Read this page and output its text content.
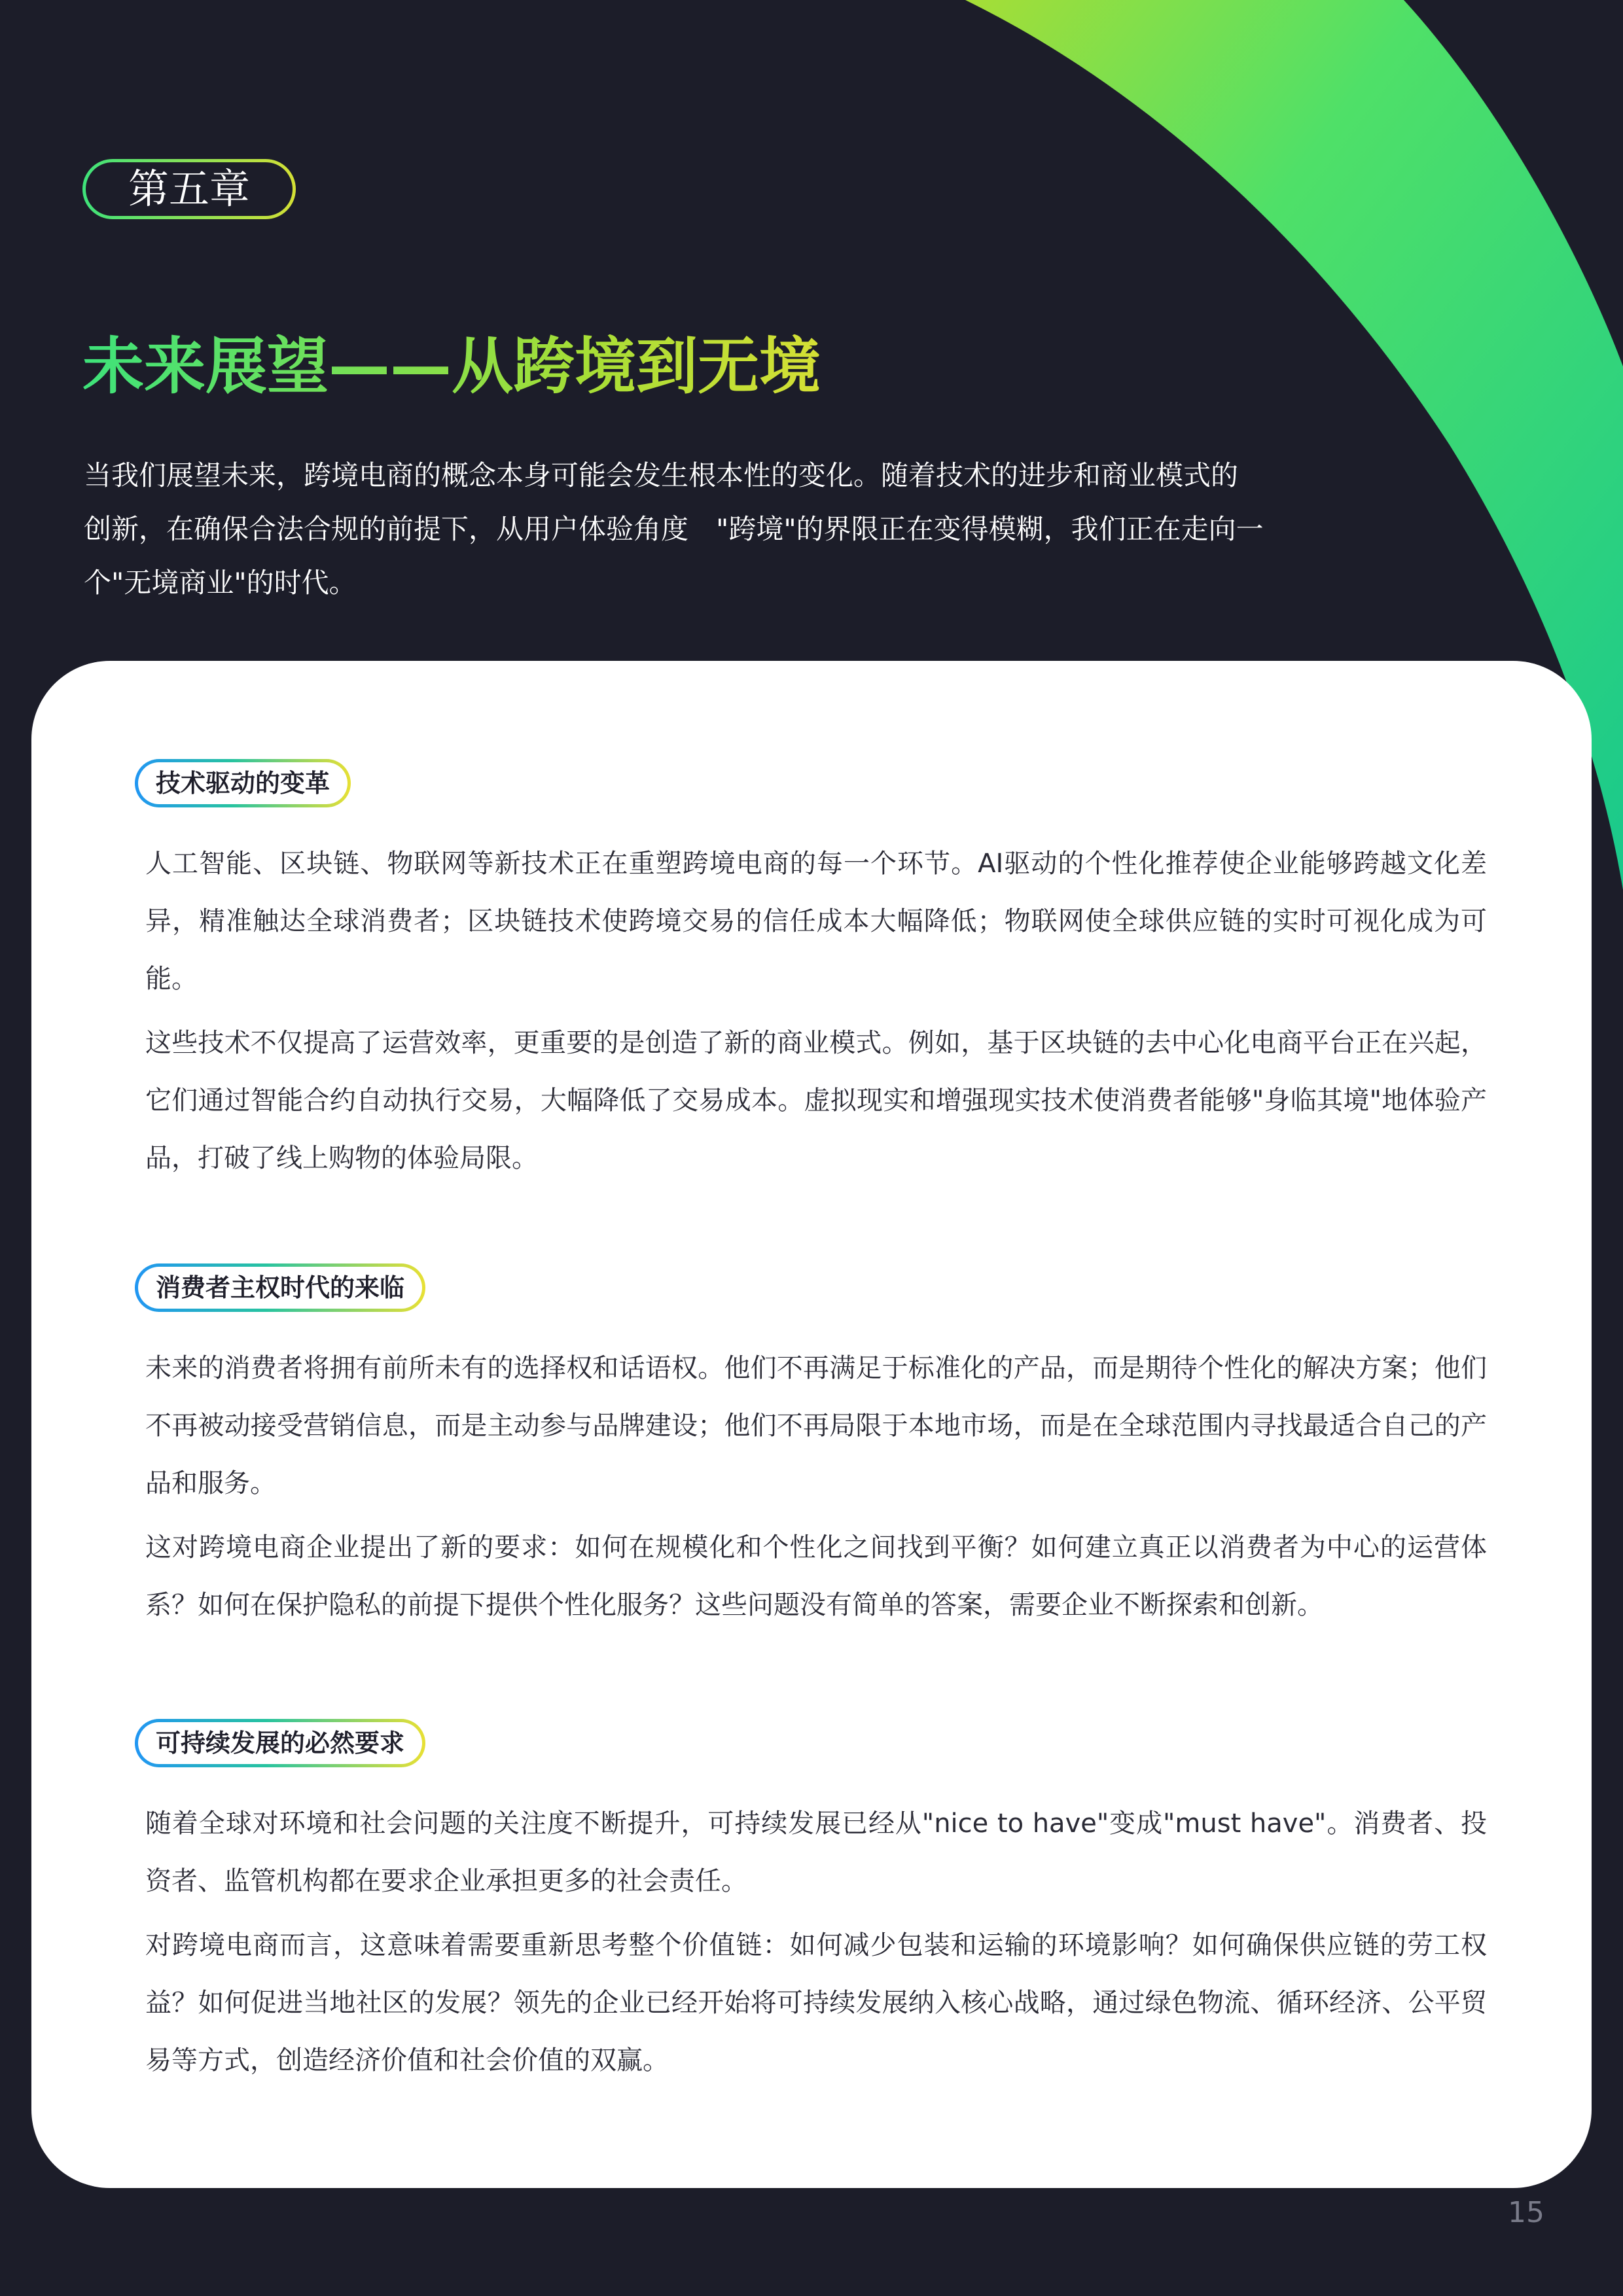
第五章
未来展望——从跨境到无境

当我们展望未来，跨境电商的概念本身可能会发生根本性的变化。随着技术的进步和商业模式的
创新，在确保合法合规的前提下，从用户体验角度　"跨境"的界限正在变得模糊，我们正在走向一
个"无境商业"的时代。

技术驱动的变革

人工智能、区块链、物联网等新技术正在重塑跨境电商的每一个环节。AI驱动的个性化推荐使企业能够跨越文化差异，精准触达全球消费者；区块链技术使跨境交易的信任成本大幅降低；物联网使全球供应链的实时可视化成为可能。

这些技术不仅提高了运营效率，更重要的是创造了新的商业模式。例如，基于区块链的去中心化电商平台正在兴起，它们通过智能合约自动执行交易，大幅降低了交易成本。虚拟现实和增强现实技术使消费者能够"身临其境"地体验产品，打破了线上购物的体验局限。

消费者主权时代的来临

未来的消费者将拥有前所未有的选择权和话语权。他们不再满足于标准化的产品，而是期待个性化的解决方案；他们不再被动接受营销信息，而是主动参与品牌建设；他们不再局限于本地市场，而是在全球范围内寻找最适合自己的产品和服务。

这对跨境电商企业提出了新的要求：如何在规模化和个性化之间找到平衡？如何建立真正以消费者为中心的运营体系？如何在保护隐私的前提下提供个性化服务？这些问题没有简单的答案，需要企业不断探索和创新。

可持续发展的必然要求

随着全球对环境和社会问题的关注度不断提升，可持续发展已经从"nice to have"变成"must have"。消费者、投资者、监管机构都在要求企业承担更多的社会责任。

对跨境电商而言，这意味着需要重新思考整个价值链：如何减少包装和运输的环境影响？如何确保供应链的劳工权益？如何促进当地社区的发展？领先的企业已经开始将可持续发展纳入核心战略，通过绿色物流、循环经济、公平贸易等方式，创造经济价值和社会价值的双赢。

15
